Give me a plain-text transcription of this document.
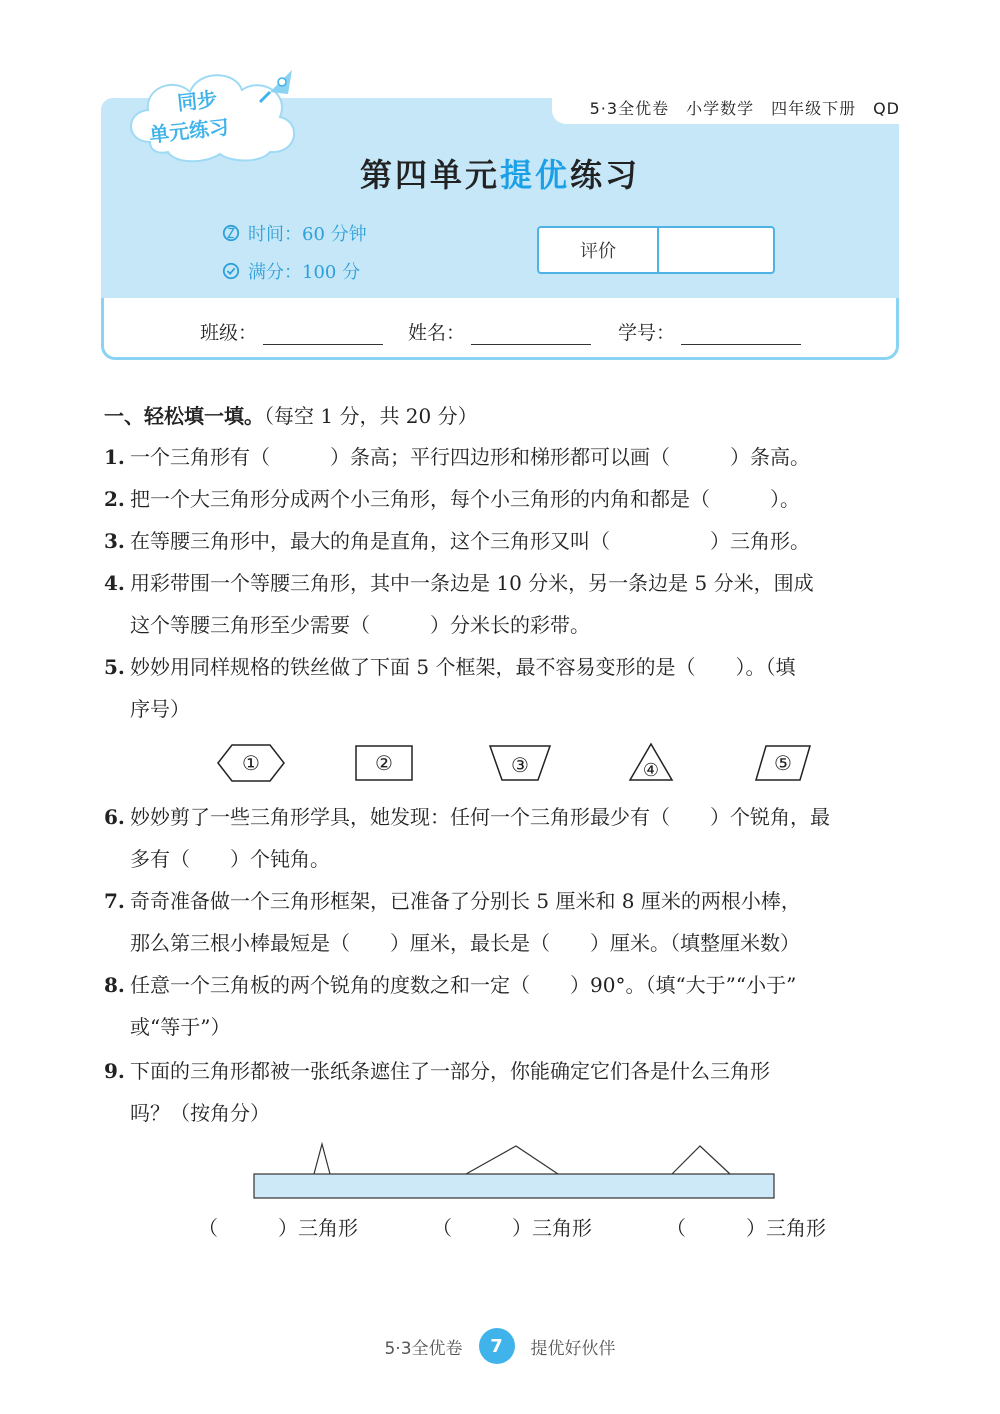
5·3全优卷　小学数学　四年级下册　QD
同步
单元练习
第四单元提优练习
时间：60 分钟
满分：100 分
评价
班级：	姓名：	学号：
一、轻松填一填。（每空 1 分，共 20 分）
1. 一个三角形有（　　　）条高；平行四边形和梯形都可以画（　　　）条高。
2. 把一个大三角形分成两个小三角形，每个小三角形的内角和都是（　　　）。
3. 在等腰三角形中，最大的角是直角，这个三角形又叫（　　　　　）三角形。
4. 用彩带围一个等腰三角形，其中一条边是 10 分米，另一条边是 5 分米，围成
这个等腰三角形至少需要（　　　）分米长的彩带。
5. 妙妙用同样规格的铁丝做了下面 5 个框架，最不容易变形的是（　　）。（填
序号）
①	②	③	④	⑤
6. 妙妙剪了一些三角形学具，她发现：任何一个三角形最少有（　　）个锐角，最
多有（　　）个钝角。
7. 奇奇准备做一个三角形框架，已准备了分别长 5 厘米和 8 厘米的两根小棒，
那么第三根小棒最短是（　　）厘米，最长是（　　）厘米。（填整厘米数）
8. 任意一个三角板的两个锐角的度数之和一定（　　）90°。（填“大于”“小于”
或“等于”）
9. 下面的三角形都被一张纸条遮住了一部分，你能确定它们各是什么三角形
吗？（按角分）
（　　　）三角形	（　　　）三角形	（　　　）三角形
5·3全优卷	7	提优好伙伴
